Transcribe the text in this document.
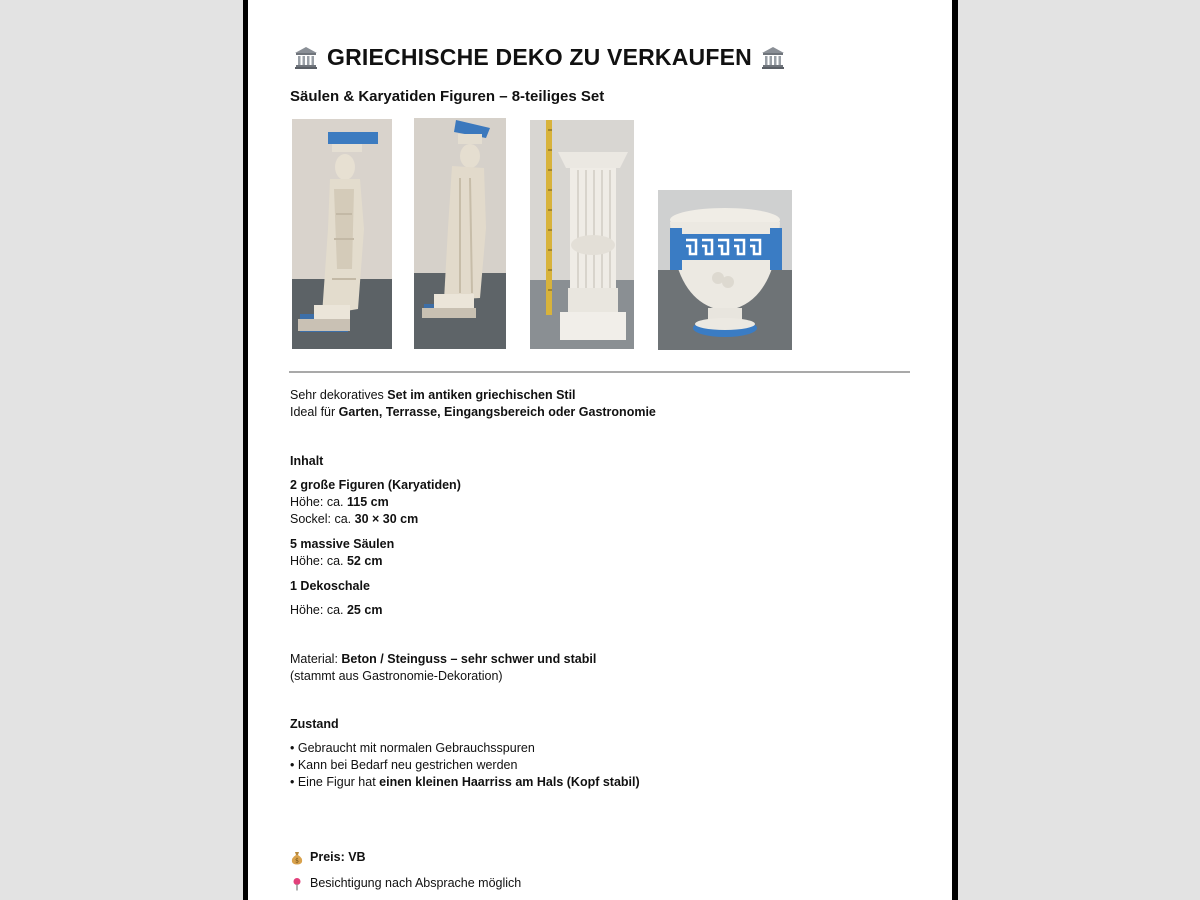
GRIECHISCHE DEKO ZU VERKAUFEN
Säulen & Karyatiden Figuren – 8-teiliges Set
Sehr dekoratives Set im antiken griechischen Stil
Ideal für Garten, Terrasse, Eingangsbereich oder Gastronomie
Inhalt
2 große Figuren (Karyatiden)
Höhe: ca. 115 cm
Sockel: ca. 30 × 30 cm
5 massive Säulen
Höhe: ca. 52 cm
1 Dekoschale
Höhe: ca. 25 cm
Material: Beton / Steinguss – sehr schwer und stabil
(stammt aus Gastronomie-Dekoration)
Zustand
• Gebraucht mit normalen Gebrauchsspuren
• Kann bei Bedarf neu gestrichen werden
• Eine Figur hat einen kleinen Haarriss am Hals (Kopf stabil)
$ Preis: VB
Besichtigung nach Absprache möglich
